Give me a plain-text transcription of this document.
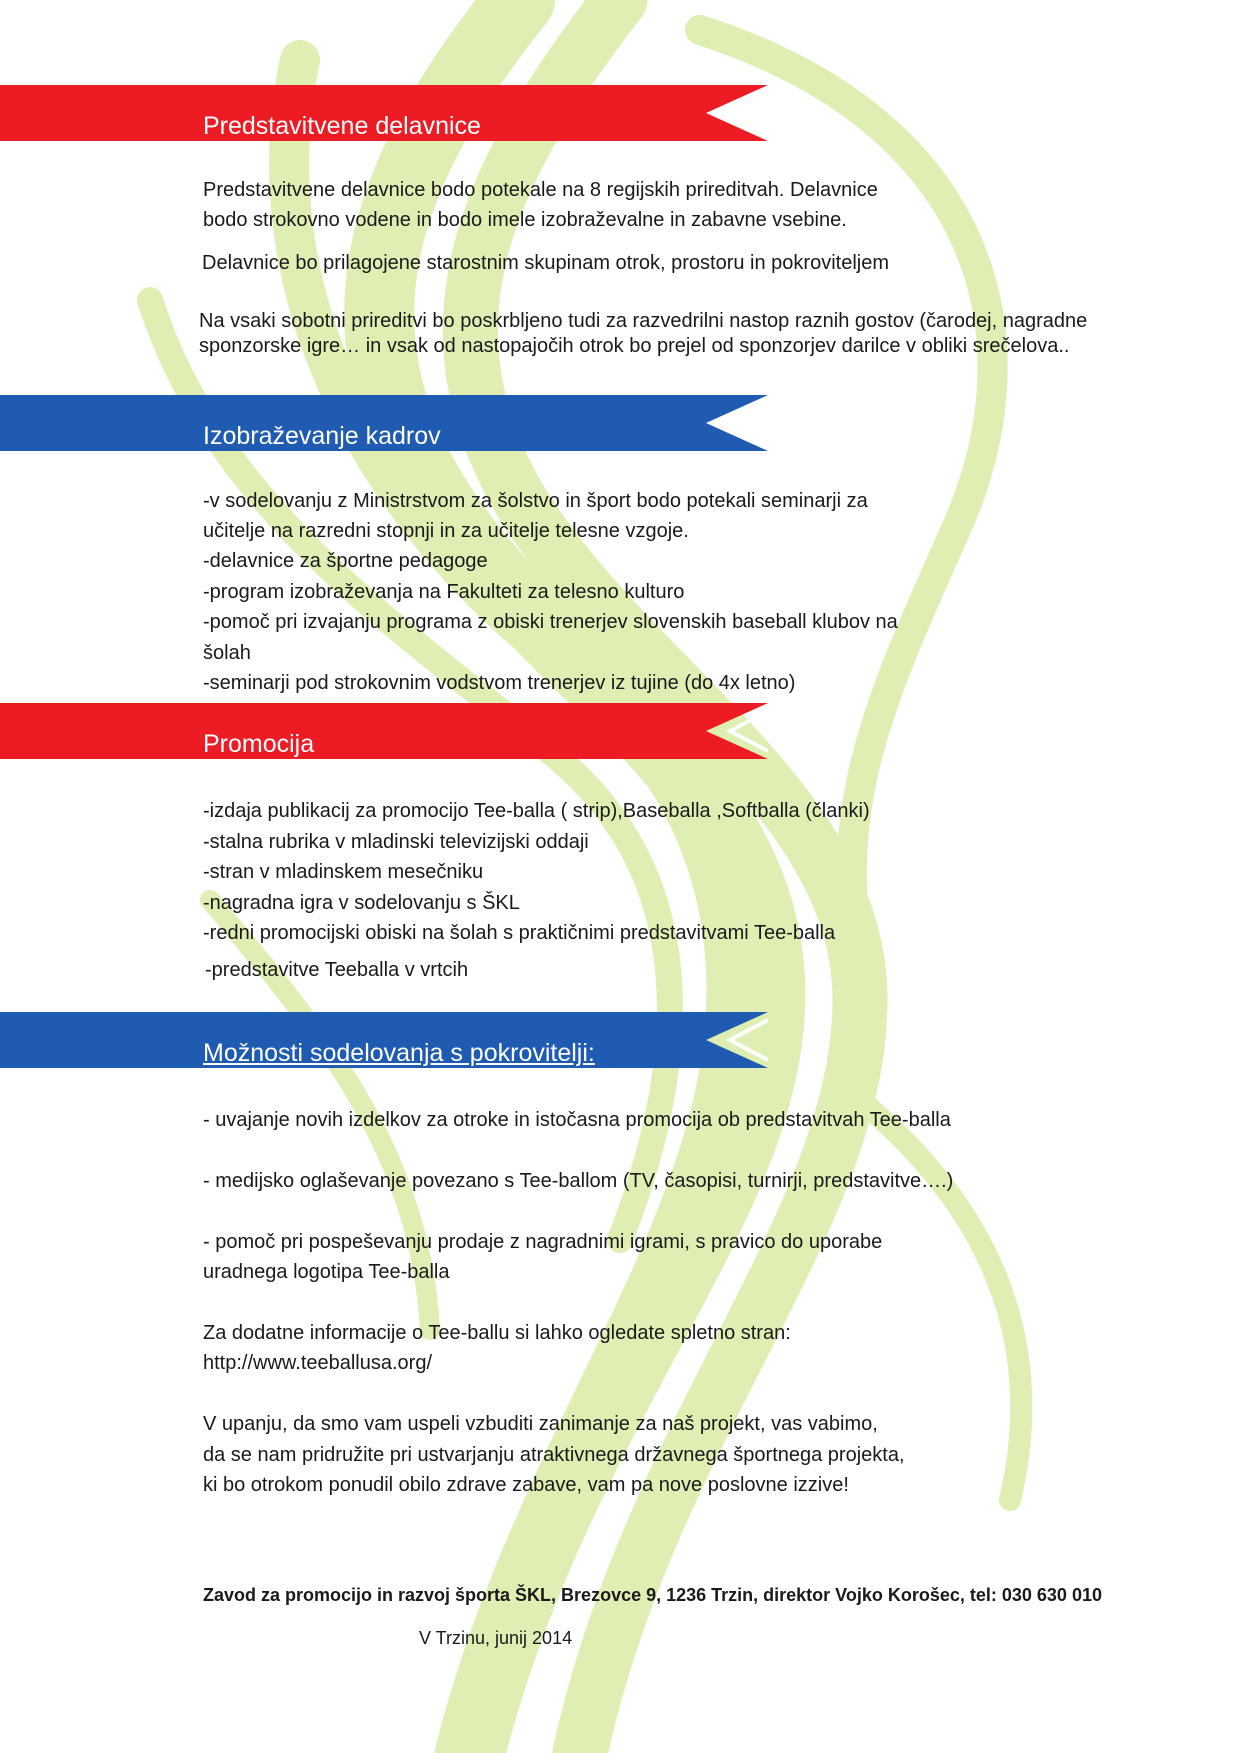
Predstavitvene delavnice

Predstavitvene delavnice bodo potekale na 8 regijskih prireditvah. Delavnice

bodo strokovno vodene in bodo imele izobraževalne in zabavne vsebine.

Delavnice bo prilagojene starostnim skupinam otrok, prostoru in pokroviteljem

Na vsaki sobotni prireditvi bo poskrbljeno tudi za razvedrilni nastop raznih gostov (čarodej, nagradne sponzorske igre… in vsak od nastopajočih otrok bo prejel od sponzorjev darilce v obliki srečelova..

Izobraževanje kadrov

-v sodelovanju z Ministrstvom za šolstvo in šport bodo potekali seminarji za

učitelje na razredni stopnji in za učitelje telesne vzgoje.

-delavnice za športne pedagoge

-program izobraževanja na Fakulteti za telesno kulturo

-pomoč pri izvajanju programa z obiski trenerjev slovenskih baseball klubov na

šolah

-seminarji pod strokovnim vodstvom trenerjev iz tujine (do 4x letno)

Promocija

-izdaja publikacij za promocijo Tee-balla ( strip),Baseballa ,Softballa (članki)

-stalna rubrika v mladinski televizijski oddaji

-stran v mladinskem mesečniku

-nagradna igra v sodelovanju s ŠKL

-redni promocijski obiski na šolah s praktičnimi predstavitvami Tee-balla

-predstavitve Teeballa v vrtcih

Možnosti sodelovanja s pokrovitelji:

- uvajanje novih izdelkov za otroke in istočasna promocija ob predstavitvah Tee-balla

- medijsko oglaševanje povezano s Tee-ballom (TV, časopisi, turnirji, predstavitve….)

- pomoč pri pospeševanju prodaje z nagradnimi igrami, s pravico do uporabe

uradnega logotipa Tee-balla

Za dodatne informacije o Tee-ballu si lahko ogledate spletno stran:

http://www.teeballusa.org/

V upanju, da smo vam uspeli vzbuditi zanimanje za naš projekt, vas vabimo,

da se nam pridružite pri ustvarjanju atraktivnega državnega športnega projekta,

ki bo otrokom ponudil obilo zdrave zabave, vam pa nove poslovne izzive!

Zavod za promocijo in razvoj športa ŠKL, Brezovce 9, 1236 Trzin, direktor Vojko Korošec, tel: 030 630 010
V Trzinu, junij 2014
